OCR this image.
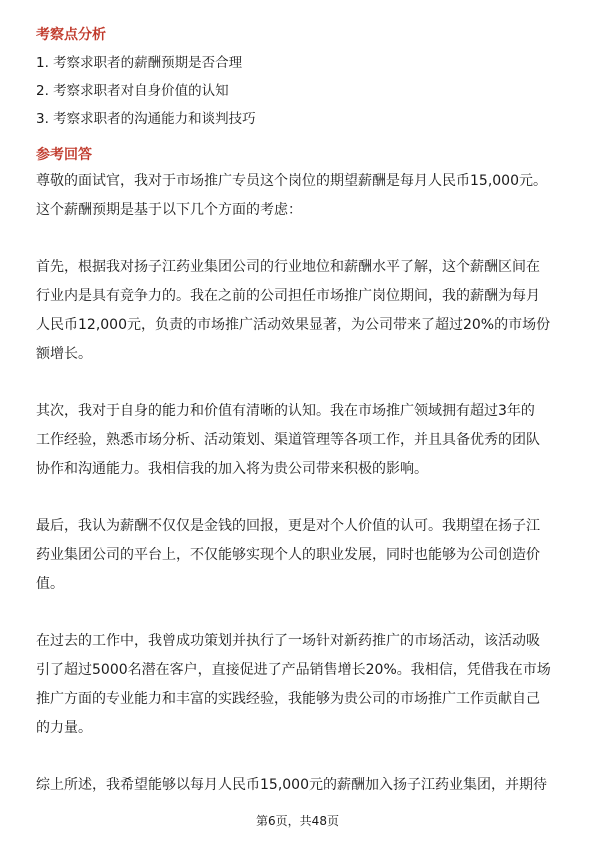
考察点分析
1. 考察求职者的薪酬预期是否合理
2. 考察求职者对自身价值的认知
3. 考察求职者的沟通能力和谈判技巧
参考回答
尊敬的面试官，我对于市场推广专员这个岗位的期望薪酬是每月人民币15,000元。
这个薪酬预期是基于以下几个方面的考虑：
首先，根据我对扬子江药业集团公司的行业地位和薪酬水平了解，这个薪酬区间在
行业内是具有竞争力的。我在之前的公司担任市场推广岗位期间，我的薪酬为每月
人民币12,000元，负责的市场推广活动效果显著，为公司带来了超过20%的市场份
额增长。
其次，我对于自身的能力和价值有清晰的认知。我在市场推广领域拥有超过3年的
工作经验，熟悉市场分析、活动策划、渠道管理等各项工作，并且具备优秀的团队
协作和沟通能力。我相信我的加入将为贵公司带来积极的影响。
最后，我认为薪酬不仅仅是金钱的回报，更是对个人价值的认可。我期望在扬子江
药业集团公司的平台上，不仅能够实现个人的职业发展，同时也能够为公司创造价
值。
在过去的工作中，我曾成功策划并执行了一场针对新药推广的市场活动，该活动吸
引了超过5000名潜在客户，直接促进了产品销售增长20%。我相信，凭借我在市场
推广方面的专业能力和丰富的实践经验，我能够为贵公司的市场推广工作贡献自己
的力量。
综上所述，我希望能够以每月人民币15,000元的薪酬加入扬子江药业集团，并期待
第6页，共48页
